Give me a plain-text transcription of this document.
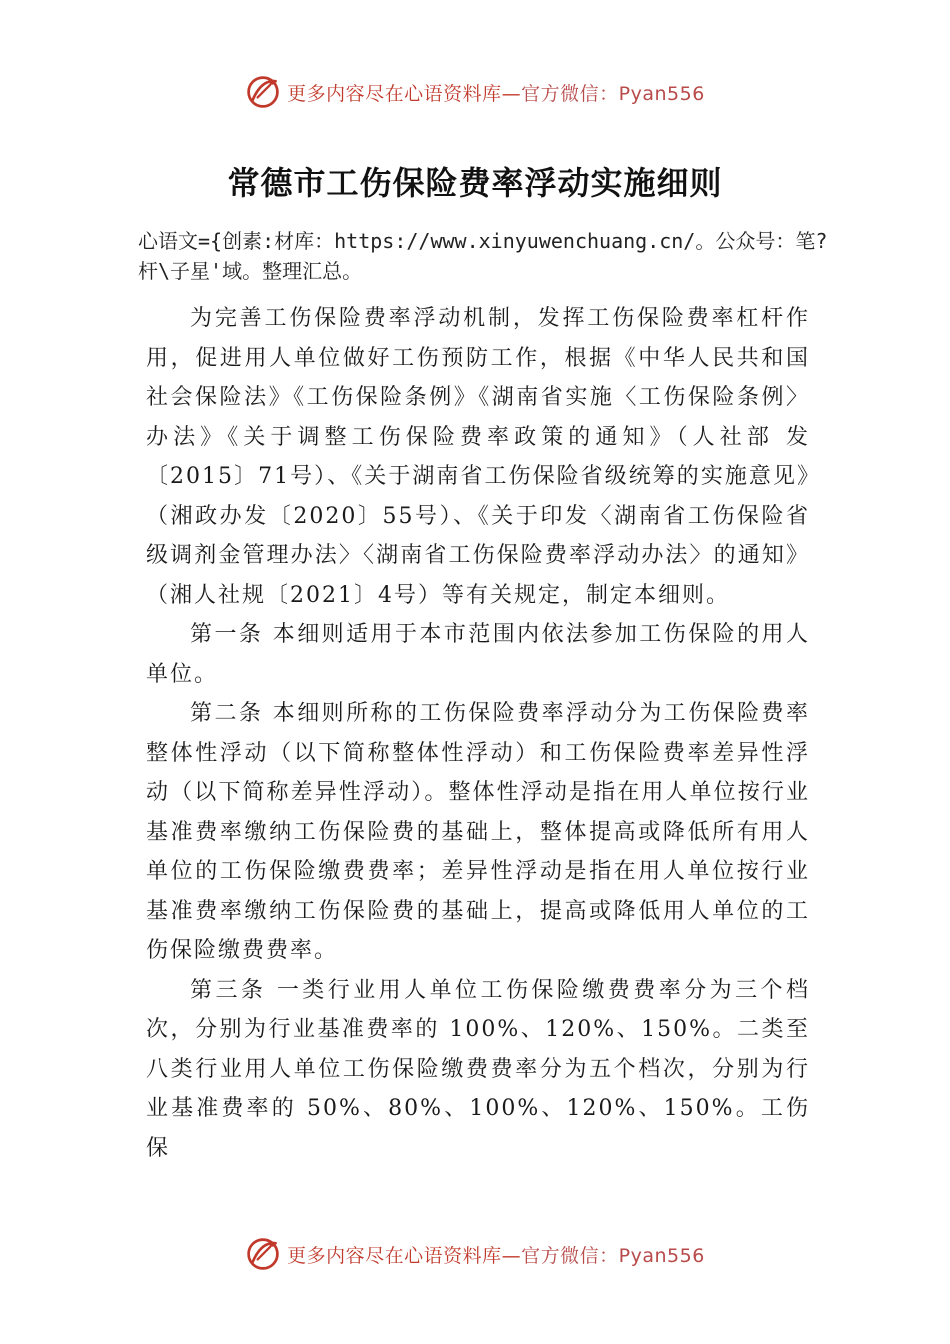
更多内容尽在心语资料库—官方微信：Pyan556
常德市工伤保险费率浮动实施细则

心语文={创素:材库：https://www.xinyuwenchuang.cn/。公众号：笔?杆\子星'域。整理汇总。

为完善工伤保险费率浮动机制，发挥工伤保险费率杠杆作用，促进用人单位做好工伤预防工作，根据《中华人民共和国社会保险法》《工伤保险条例》《湖南省实施〈工伤保险条例〉办法》《关于调整工伤保险费率政策的通知》（人社部 发〔2015〕71号）、《关于湖南省工伤保险省级统筹的实施意见》（湘政办发〔2020〕55号）、《关于印发〈湖南省工伤保险省级调剂金管理办法〉〈湖南省工伤保险费率浮动办法〉的通知》（湘人社规〔2021〕4号）等有关规定，制定本细则。

第一条 本细则适用于本市范围内依法参加工伤保险的用人单位。

第二条 本细则所称的工伤保险费率浮动分为工伤保险费率整体性浮动（以下简称整体性浮动）和工伤保险费率差异性浮动（以下简称差异性浮动）。整体性浮动是指在用人单位按行业基准费率缴纳工伤保险费的基础上，整体提高或降低所有用人单位的工伤保险缴费费率；差异性浮动是指在用人单位按行业基准费率缴纳工伤保险费的基础上，提高或降低用人单位的工伤保险缴费费率。

第三条 一类行业用人单位工伤保险缴费费率分为三个档次，分别为行业基准费率的 100%、120%、150%。二类至八类行业用人单位工伤保险缴费费率分为五个档次，分别为行业基准费率的 50%、80%、100%、120%、150%。工伤保

更多内容尽在心语资料库—官方微信：Pyan556
